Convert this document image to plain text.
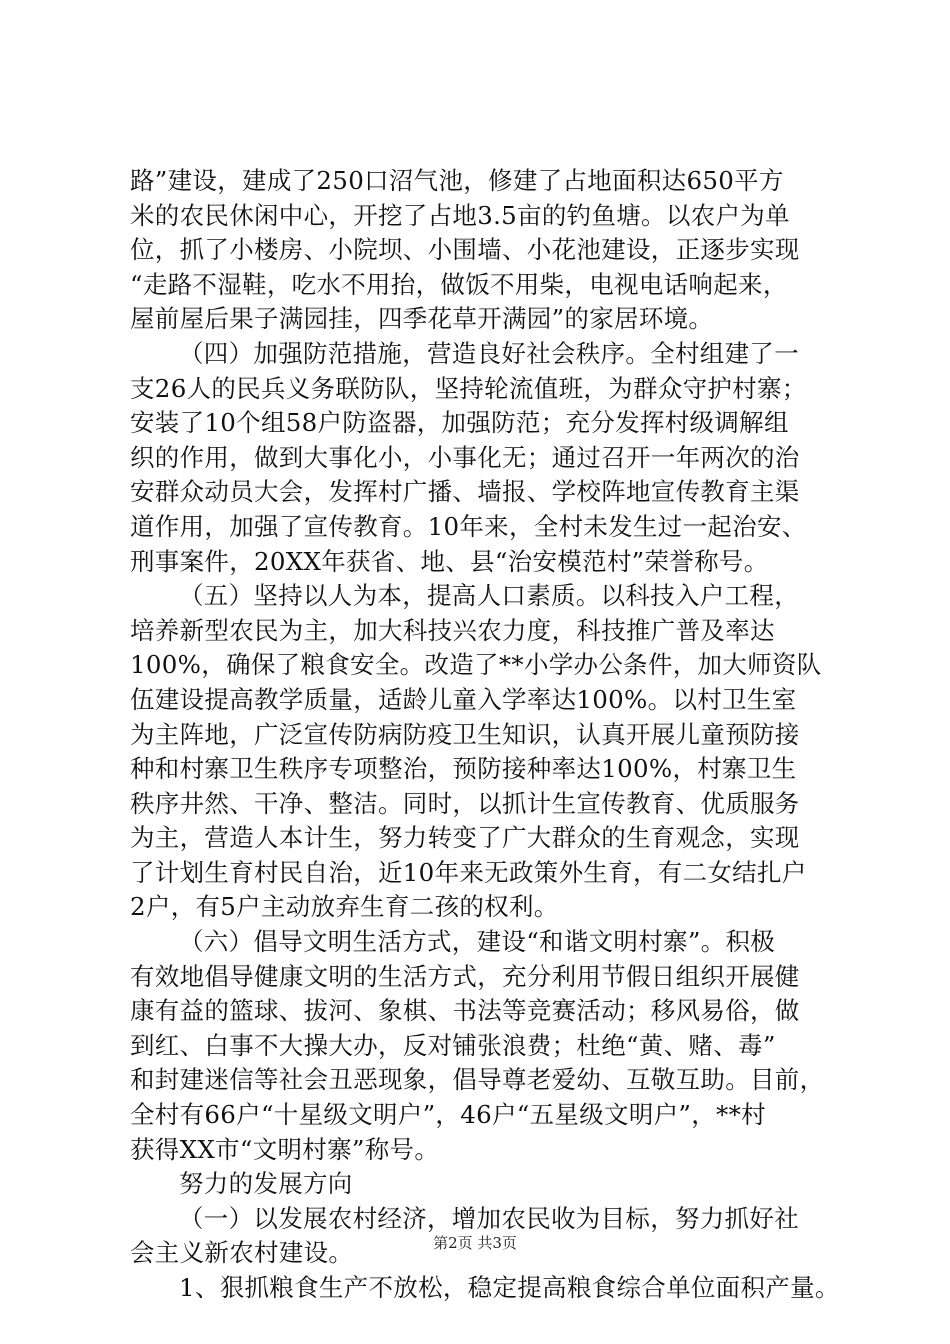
路”建设，建成了250口沼气池，修建了占地面积达650平方
米的农民休闲中心，开挖了占地3.5亩的钓鱼塘。以农户为单
位，抓了小楼房、小院坝、小围墙、小花池建设，正逐步实现
“走路不湿鞋，吃水不用抬，做饭不用柴，电视电话响起来，
屋前屋后果子满园挂，四季花草开满园”的家居环境。
（四）加强防范措施，营造良好社会秩序。全村组建了一
支26人的民兵义务联防队，坚持轮流值班，为群众守护村寨；
安装了10个组58户防盗器，加强防范；充分发挥村级调解组
织的作用，做到大事化小，小事化无；通过召开一年两次的治
安群众动员大会，发挥村广播、墙报、学校阵地宣传教育主渠
道作用，加强了宣传教育。10年来，全村未发生过一起治安、
刑事案件，20XX年获省、地、县“治安模范村”荣誉称号。
（五）坚持以人为本，提高人口素质。以科技入户工程，
培养新型农民为主，加大科技兴农力度，科技推广普及率达
100%，确保了粮食安全。改造了**小学办公条件，加大师资队
伍建设提高教学质量，适龄儿童入学率达100%。以村卫生室
为主阵地，广泛宣传防病防疫卫生知识，认真开展儿童预防接
种和村寨卫生秩序专项整治，预防接种率达100%，村寨卫生
秩序井然、干净、整洁。同时，以抓计生宣传教育、优质服务
为主，营造人本计生，努力转变了广大群众的生育观念，实现
了计划生育村民自治，近10年来无政策外生育，有二女结扎户
2户，有5户主动放弃生育二孩的权利。
（六）倡导文明生活方式，建设“和谐文明村寨”。积极
有效地倡导健康文明的生活方式，充分利用节假日组织开展健
康有益的篮球、拔河、象棋、书法等竞赛活动；移风易俗，做
到红、白事不大操大办，反对铺张浪费；杜绝“黄、赌、毒”
和封建迷信等社会丑恶现象，倡导尊老爱幼、互敬互助。目前，
全村有66户“十星级文明户”，46户“五星级文明户”，**村
获得XX市“文明村寨”称号。
努力的发展方向
（一）以发展农村经济，增加农民收为目标，努力抓好社
会主义新农村建设。
1、狠抓粮食生产不放松，稳定提高粮食综合单位面积产量。
第2页 共3页
